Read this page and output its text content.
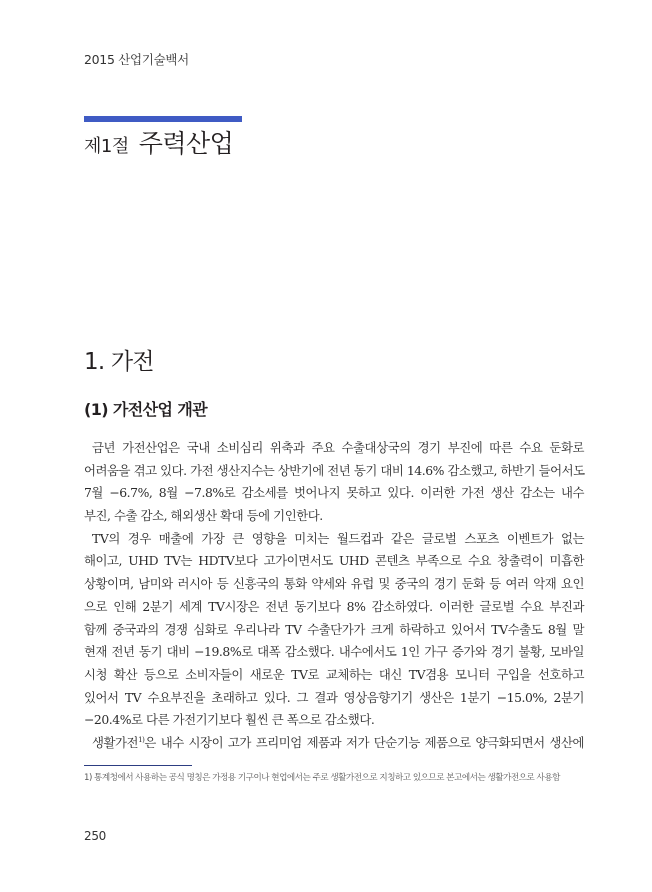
2015 산업기술백서
제1절 주력산업
1. 가전
(1) 가전산업 개관
금년 가전산업은 국내 소비심리 위축과 주요 수출대상국의 경기 부진에 따른 수요 둔화로
어려움을 겪고 있다. 가전 생산지수는 상반기에 전년 동기 대비 14.6% 감소했고, 하반기 들어서도
7월 −6.7%, 8월 −7.8%로 감소세를 벗어나지 못하고 있다. 이러한 가전 생산 감소는 내수
부진, 수출 감소, 해외생산 확대 등에 기인한다.
TV의 경우 매출에 가장 큰 영향을 미치는 월드컵과 같은 글로벌 스포츠 이벤트가 없는
해이고, UHD TV는 HDTV보다 고가이면서도 UHD 콘텐츠 부족으로 수요 창출력이 미흡한
상황이며, 남미와 러시아 등 신흥국의 통화 약세와 유럽 및 중국의 경기 둔화 등 여러 악재 요인
으로 인해 2분기 세계 TV시장은 전년 동기보다 8% 감소하였다. 이러한 글로벌 수요 부진과
함께 중국과의 경쟁 심화로 우리나라 TV 수출단가가 크게 하락하고 있어서 TV수출도 8월 말
현재 전년 동기 대비 −19.8%로 대폭 감소했다. 내수에서도 1인 가구 증가와 경기 불황, 모바일
시청 확산 등으로 소비자들이 새로운 TV로 교체하는 대신 TV겸용 모니터 구입을 선호하고
있어서 TV 수요부진을 초래하고 있다. 그 결과 영상음향기기 생산은 1분기 −15.0%, 2분기
−20.4%로 다른 가전기기보다 훨씬 큰 폭으로 감소했다.
생활가전$^{1)}$은 내수 시장이 고가 프리미엄 제품과 저가 단순기능 제품으로 양극화되면서 생산에
1) 통계청에서 사용하는 공식 명칭은 가정용 기구이나 현업에서는 주로 생활가전으로 지칭하고 있으므로 본고에서는 생활가전으로 사용함
250
